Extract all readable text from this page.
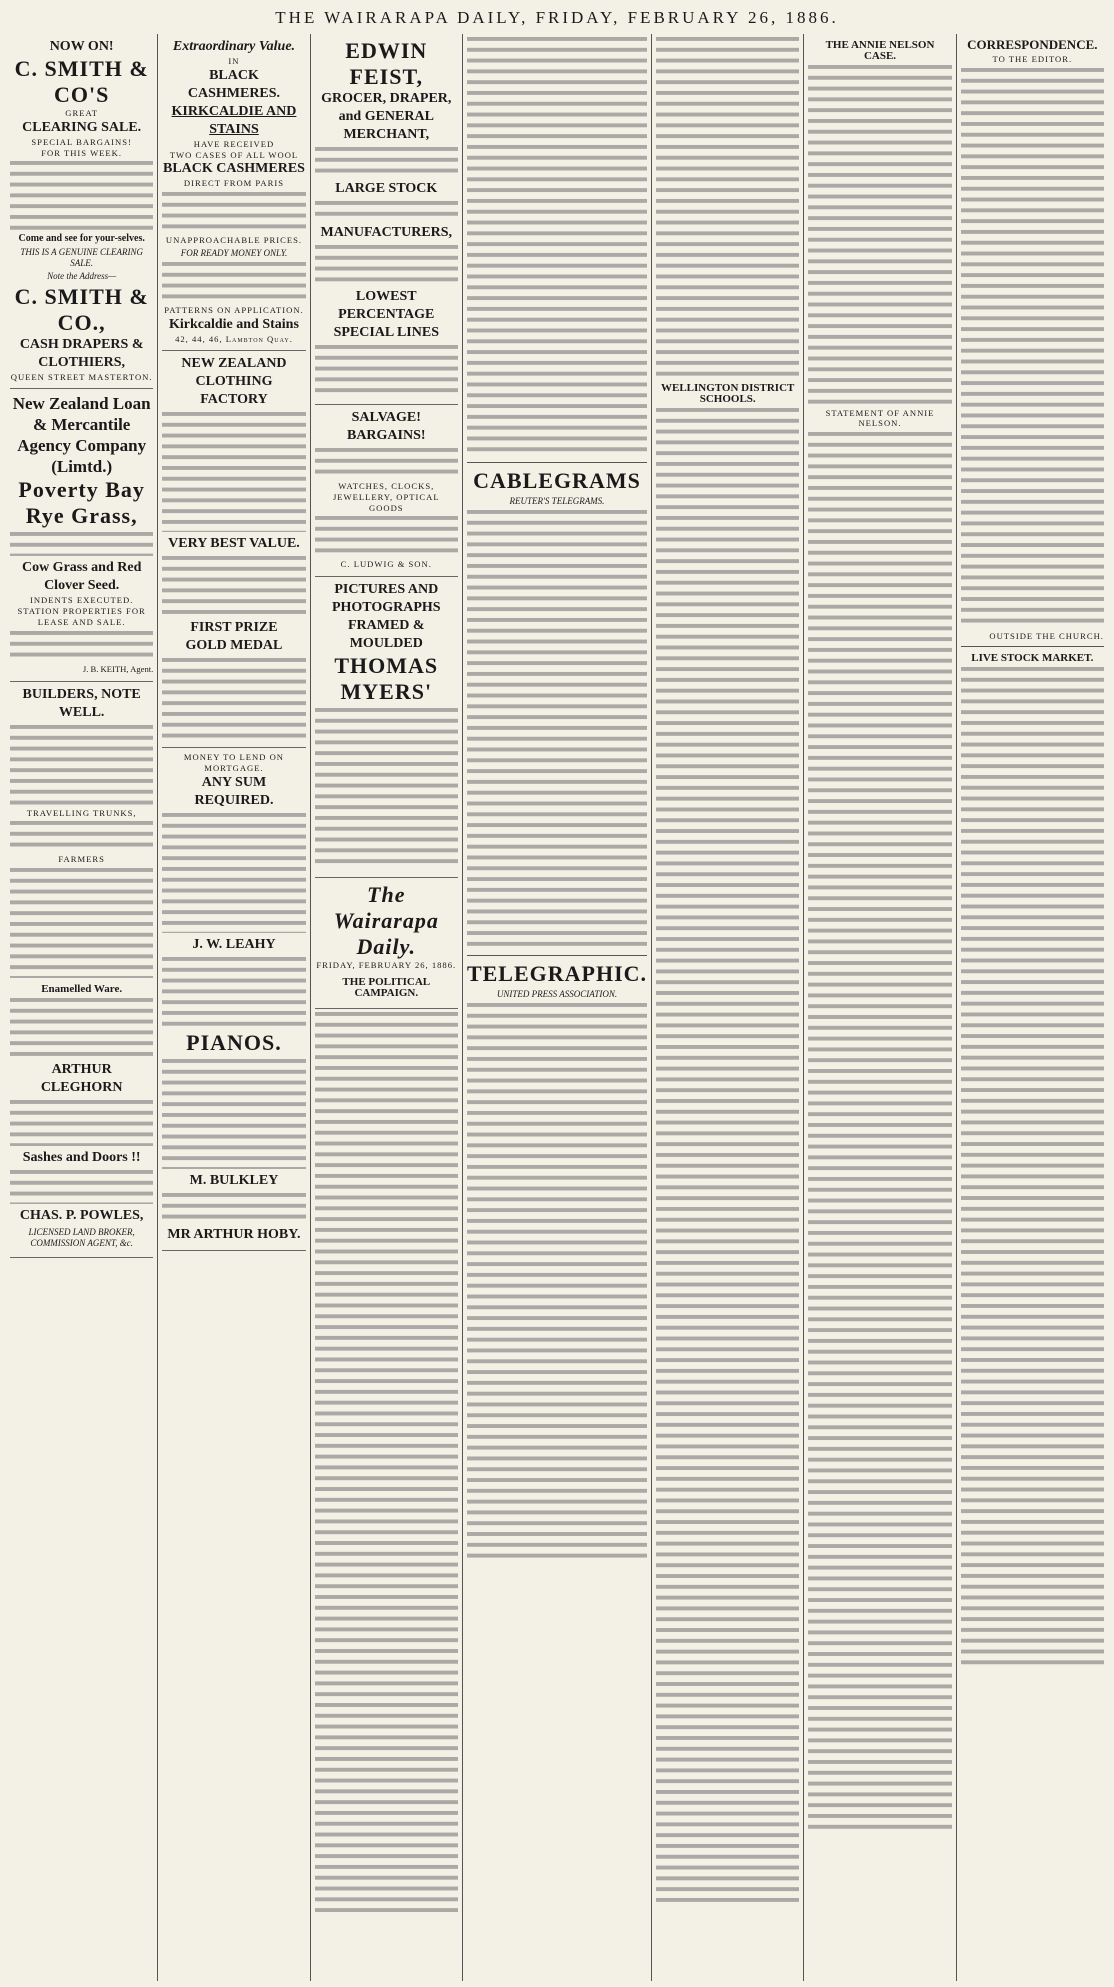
THE WAIRARAPA DAILY, FRIDAY, FEBRUARY 26, 1886.
NOW ON!
C. SMITH & CO'S
GREAT
CLEARING SALE.
SPECIAL BARGAINS!
FOR THIS WEEK.
Come and see for your-selves.
THIS IS A GENUINE CLEARING SALE.
Note the Address—
C. SMITH & CO.,
CASH DRAPERS & CLOTHIERS,
QUEEN STREET MASTERTON.
New Zealand Loan & Mercantile Agency Company (Limtd.)
Poverty Bay Rye Grass,
Cow Grass and Red Clover Seed.
INDENTS EXECUTED.
STATION PROPERTIES FOR LEASE AND SALE.
J. B. KEITH, Agent.
BUILDERS, NOTE WELL.
TRAVELLING TRUNKS,
FARMERS
Enamelled Ware.
ARTHUR CLEGHORN
Sashes and Doors !!
CHAS. P. POWLES,
LICENSED LAND BROKER, COMMISSION AGENT, &c.
Extraordinary Value.
IN
BLACK CASHMERES.
KIRKCALDIE AND STAINS
HAVE RECEIVED
TWO CASES OF ALL WOOL
BLACK CASHMERES
DIRECT FROM PARIS
UNAPPROACHABLE PRICES.
FOR READY MONEY ONLY.
PATTERNS ON APPLICATION.
Kirkcaldie and Stains
42, 44, 46, Lambton Quay.
NEW ZEALAND CLOTHING FACTORY
VERY BEST VALUE.
FIRST PRIZE
GOLD MEDAL
MONEY TO LEND ON MORTGAGE.
ANY SUM REQUIRED.
J. W. LEAHY
PIANOS.
M. BULKLEY
MR ARTHUR HOBY.
EDWIN FEIST,
GROCER, DRAPER, and GENERAL MERCHANT,
LARGE STOCK
MANUFACTURERS,
LOWEST PERCENTAGE
SPECIAL LINES
SALVAGE! BARGAINS!
WATCHES, CLOCKS, JEWELLERY, OPTICAL GOODS
C. LUDWIG & SON.
PICTURES AND PHOTOGRAPHS
FRAMED & MOULDED
THOMAS MYERS'
The Wairarapa Daily.
FRIDAY, FEBRUARY 26, 1886.
THE POLITICAL CAMPAIGN.
CABLEGRAMS
REUTER'S TELEGRAMS.
TELEGRAPHIC.
UNITED PRESS ASSOCIATION.
WELLINGTON DISTRICT SCHOOLS.
THE ANNIE NELSON CASE.
STATEMENT OF ANNIE NELSON.
CORRESPONDENCE.
TO THE EDITOR.
OUTSIDE THE CHURCH.
LIVE STOCK MARKET.
